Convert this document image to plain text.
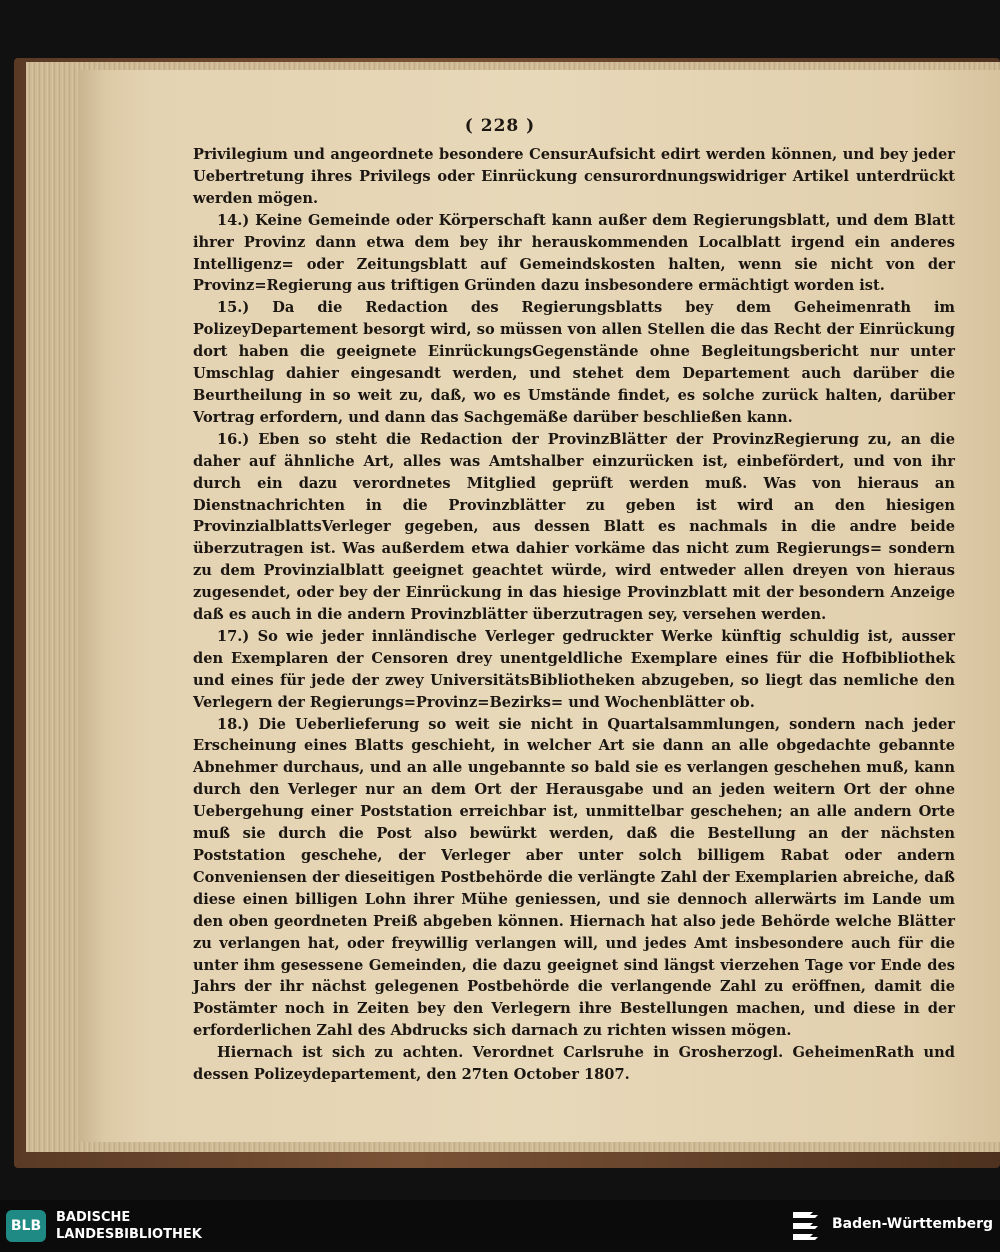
( 228 )

Privilegium und angeordnete besondere CensurAufsicht edirt werden können, und bey jeder Uebertretung ihres Privilegs oder Einrückung censurordnungswidriger Artikel unterdrückt werden mögen.

14.) Keine Gemeinde oder Körperschaft kann außer dem Regierungsblatt, und dem Blatt ihrer Provinz dann etwa dem bey ihr herauskommenden Localblatt irgend ein anderes Intelligenz= oder Zeitungsblatt auf Gemeindskosten halten, wenn sie nicht von der Provinz=Regierung aus triftigen Gründen dazu insbesondere ermächtigt worden ist.

15.) Da die Redaction des Regierungsblatts bey dem Geheimenrath im PolizeyDepartement besorgt wird, so müssen von allen Stellen die das Recht der Einrückung dort haben die geeignete EinrückungsGegenstände ohne Begleitungsbericht nur unter Umschlag dahier eingesandt werden, und stehet dem Departement auch darüber die Beurtheilung in so weit zu, daß, wo es Umstände findet, es solche zurück halten, darüber Vortrag erfordern, und dann das Sachgemäße darüber beschließen kann.

16.) Eben so steht die Redaction der ProvinzBlätter der ProvinzRegierung zu, an die daher auf ähnliche Art, alles was Amtshalber einzurücken ist, einbefördert, und von ihr durch ein dazu verordnetes Mitglied geprüft werden muß. Was von hieraus an Dienstnachrichten in die Provinzblätter zu geben ist wird an den hiesigen ProvinzialblattsVerleger gegeben, aus dessen Blatt es nachmals in die andre beide überzutragen ist. Was außerdem etwa dahier vorkäme das nicht zum Regierungs= sondern zu dem Provinzialblatt geeignet geachtet würde, wird entweder allen dreyen von hieraus zugesendet, oder bey der Einrückung in das hiesige Provinzblatt mit der besondern Anzeige daß es auch in die andern Provinzblätter überzutragen sey, versehen werden.

17.) So wie jeder innländische Verleger gedruckter Werke künftig schuldig ist, ausser den Exemplaren der Censoren drey unentgeldliche Exemplare eines für die Hofbibliothek und eines für jede der zwey UniversitätsBibliotheken abzugeben, so liegt das nemliche den Verlegern der Regierungs=Provinz=Bezirks= und Wochenblätter ob.

18.) Die Ueberlieferung so weit sie nicht in Quartalsammlungen, sondern nach jeder Erscheinung eines Blatts geschieht, in welcher Art sie dann an alle obgedachte gebannte Abnehmer durchaus, und an alle ungebannte so bald sie es verlangen geschehen muß, kann durch den Verleger nur an dem Ort der Herausgabe und an jeden weitern Ort der ohne Uebergehung einer Poststation erreichbar ist, unmittelbar geschehen; an alle andern Orte muß sie durch die Post also bewürkt werden, daß die Bestellung an der nächsten Poststation geschehe, der Verleger aber unter solch billigem Rabat oder andern Conveniensen der dieseitigen Postbehörde die verlängte Zahl der Exemplarien abreiche, daß diese einen billigen Lohn ihrer Mühe geniessen, und sie dennoch allerwärts im Lande um den oben geordneten Preiß abgeben können. Hiernach hat also jede Behörde welche Blätter zu verlangen hat, oder freywillig verlangen will, und jedes Amt insbesondere auch für die unter ihm gesessene Gemeinden, die dazu geeignet sind längst vierzehen Tage vor Ende des Jahrs der ihr nächst gelegenen Postbehörde die verlangende Zahl zu eröffnen, damit die Postämter noch in Zeiten bey den Verlegern ihre Bestellungen machen, und diese in der erforderlichen Zahl des Abdrucks sich darnach zu richten wissen mögen.

Hiernach ist sich zu achten. Verordnet Carlsruhe in Grosherzogl. GeheimenRath und dessen Polizeydepartement, den 27ten October 1807.

BLB
BADISCHE
LANDESBIBLIOTHEK
Baden-Württemberg
